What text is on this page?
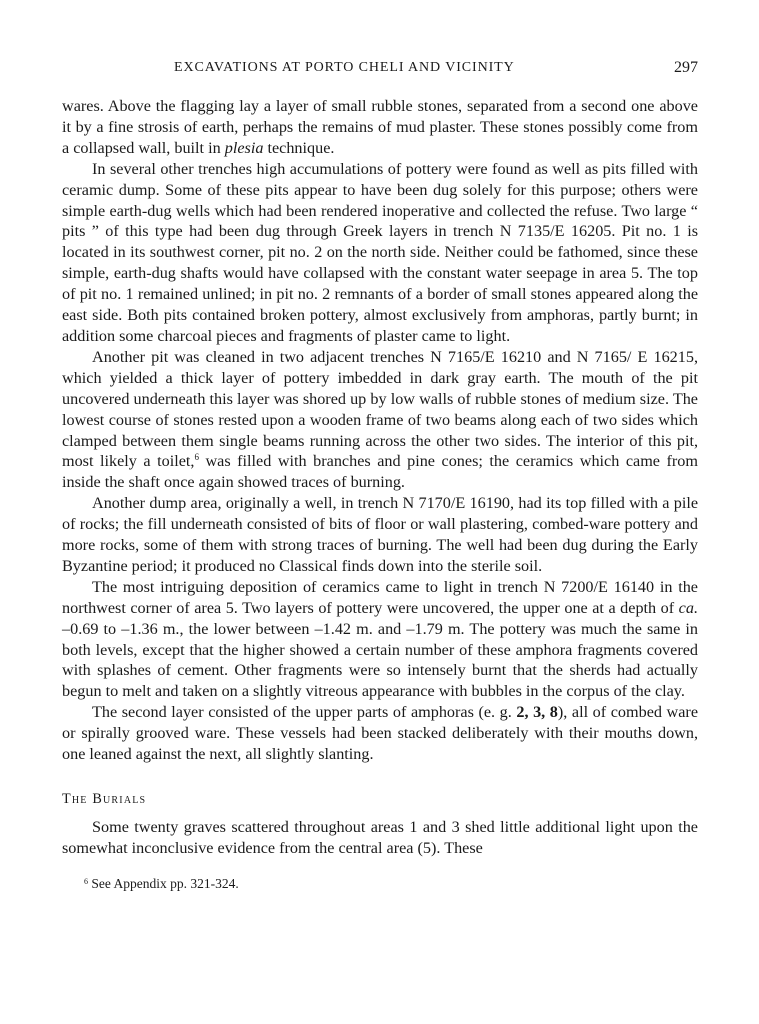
EXCAVATIONS AT PORTO CHELI AND VICINITY	297

wares. Above the flagging lay a layer of small rubble stones, separated from a second one above it by a fine strosis of earth, perhaps the remains of mud plaster. These stones possibly come from a collapsed wall, built in plesia technique.

In several other trenches high accumulations of pottery were found as well as pits filled with ceramic dump. Some of these pits appear to have been dug solely for this purpose; others were simple earth-dug wells which had been rendered inoperative and collected the refuse. Two large “ pits ” of this type had been dug through Greek layers in trench N 7135/E 16205. Pit no. 1 is located in its southwest corner, pit no. 2 on the north side. Neither could be fathomed, since these simple, earth-dug shafts would have collapsed with the constant water seepage in area 5. The top of pit no. 1 remained unlined; in pit no. 2 remnants of a border of small stones appeared along the east side. Both pits contained broken pottery, almost exclusively from amphoras, partly burnt; in addition some charcoal pieces and fragments of plaster came to light.

Another pit was cleaned in two adjacent trenches N 7165/E 16210 and N 7165/ E 16215, which yielded a thick layer of pottery imbedded in dark gray earth. The mouth of the pit uncovered underneath this layer was shored up by low walls of rubble stones of medium size. The lowest course of stones rested upon a wooden frame of two beams along each of two sides which clamped between them single beams running across the other two sides. The interior of this pit, most likely a toilet,$^6$ was filled with branches and pine cones; the ceramics which came from inside the shaft once again showed traces of burning.

Another dump area, originally a well, in trench N 7170/E 16190, had its top filled with a pile of rocks; the fill underneath consisted of bits of floor or wall plastering, combed-ware pottery and more rocks, some of them with strong traces of burning. The well had been dug during the Early Byzantine period; it produced no Classical finds down into the sterile soil.

The most intriguing deposition of ceramics came to light in trench N 7200/E 16140 in the northwest corner of area 5. Two layers of pottery were uncovered, the upper one at a depth of ca. –0.69 to –1.36 m., the lower between –1.42 m. and –1.79 m. The pottery was much the same in both levels, except that the higher showed a certain number of these amphora fragments covered with splashes of cement. Other fragments were so intensely burnt that the sherds had actually begun to melt and taken on a slightly vitreous appearance with bubbles in the corpus of the clay.

The second layer consisted of the upper parts of amphoras (e. g. 2, 3, 8), all of combed ware or spirally grooved ware. These vessels had been stacked deliberately with their mouths down, one leaned against the next, all slightly slanting.

The Burials

Some twenty graves scattered throughout areas 1 and 3 shed little additional light upon the somewhat inconclusive evidence from the central area (5). These

$^6$ See Appendix pp. 321-324.
